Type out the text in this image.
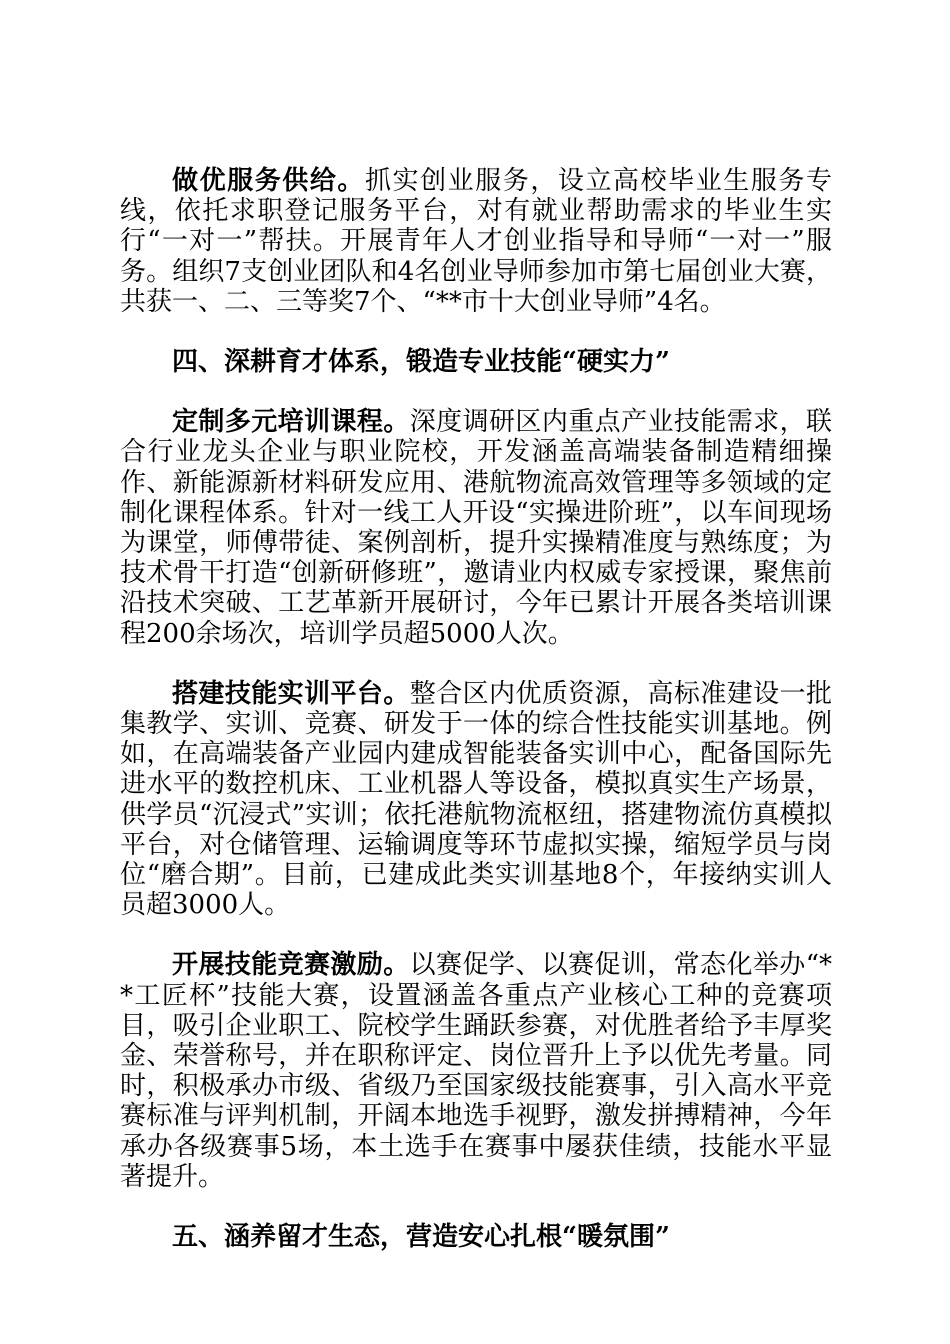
做优服务供给。抓实创业服务，设立高校毕业生服务专线，依托求职登记服务平台，对有就业帮助需求的毕业生实行“一对一”帮扶。开展青年人才创业指导和导师“一对一”服务。组织7支创业团队和4名创业导师参加市第七届创业大赛，共获一、二、三等奖7个、“**市十大创业导师”4名。

四、深耕育才体系，锻造专业技能“硬实力”

定制多元培训课程。深度调研区内重点产业技能需求，联合行业龙头企业与职业院校，开发涵盖高端装备制造精细操作、新能源新材料研发应用、港航物流高效管理等多领域的定制化课程体系。针对一线工人开设“实操进阶班”，以车间现场为课堂，师傅带徒、案例剖析，提升实操精准度与熟练度；为技术骨干打造“创新研修班”，邀请业内权威专家授课，聚焦前沿技术突破、工艺革新开展研讨，今年已累计开展各类培训课程200余场次，培训学员超5000人次。

搭建技能实训平台。整合区内优质资源，高标准建设一批集教学、实训、竞赛、研发于一体的综合性技能实训基地。例如，在高端装备产业园内建成智能装备实训中心，配备国际先进水平的数控机床、工业机器人等设备，模拟真实生产场景，供学员“沉浸式”实训；依托港航物流枢纽，搭建物流仿真模拟平台，对仓储管理、运输调度等环节虚拟实操，缩短学员与岗位“磨合期”。目前，已建成此类实训基地8个，年接纳实训人员超3000人。

开展技能竞赛激励。以赛促学、以赛促训，常态化举办“**工匠杯”技能大赛，设置涵盖各重点产业核心工种的竞赛项目，吸引企业职工、院校学生踊跃参赛，对优胜者给予丰厚奖金、荣誉称号，并在职称评定、岗位晋升上予以优先考量。同时，积极承办市级、省级乃至国家级技能赛事，引入高水平竞赛标准与评判机制，开阔本地选手视野，激发拼搏精神，今年承办各级赛事5场，本土选手在赛事中屡获佳绩，技能水平显著提升。

五、涵养留才生态，营造安心扎根“暖氛围”
